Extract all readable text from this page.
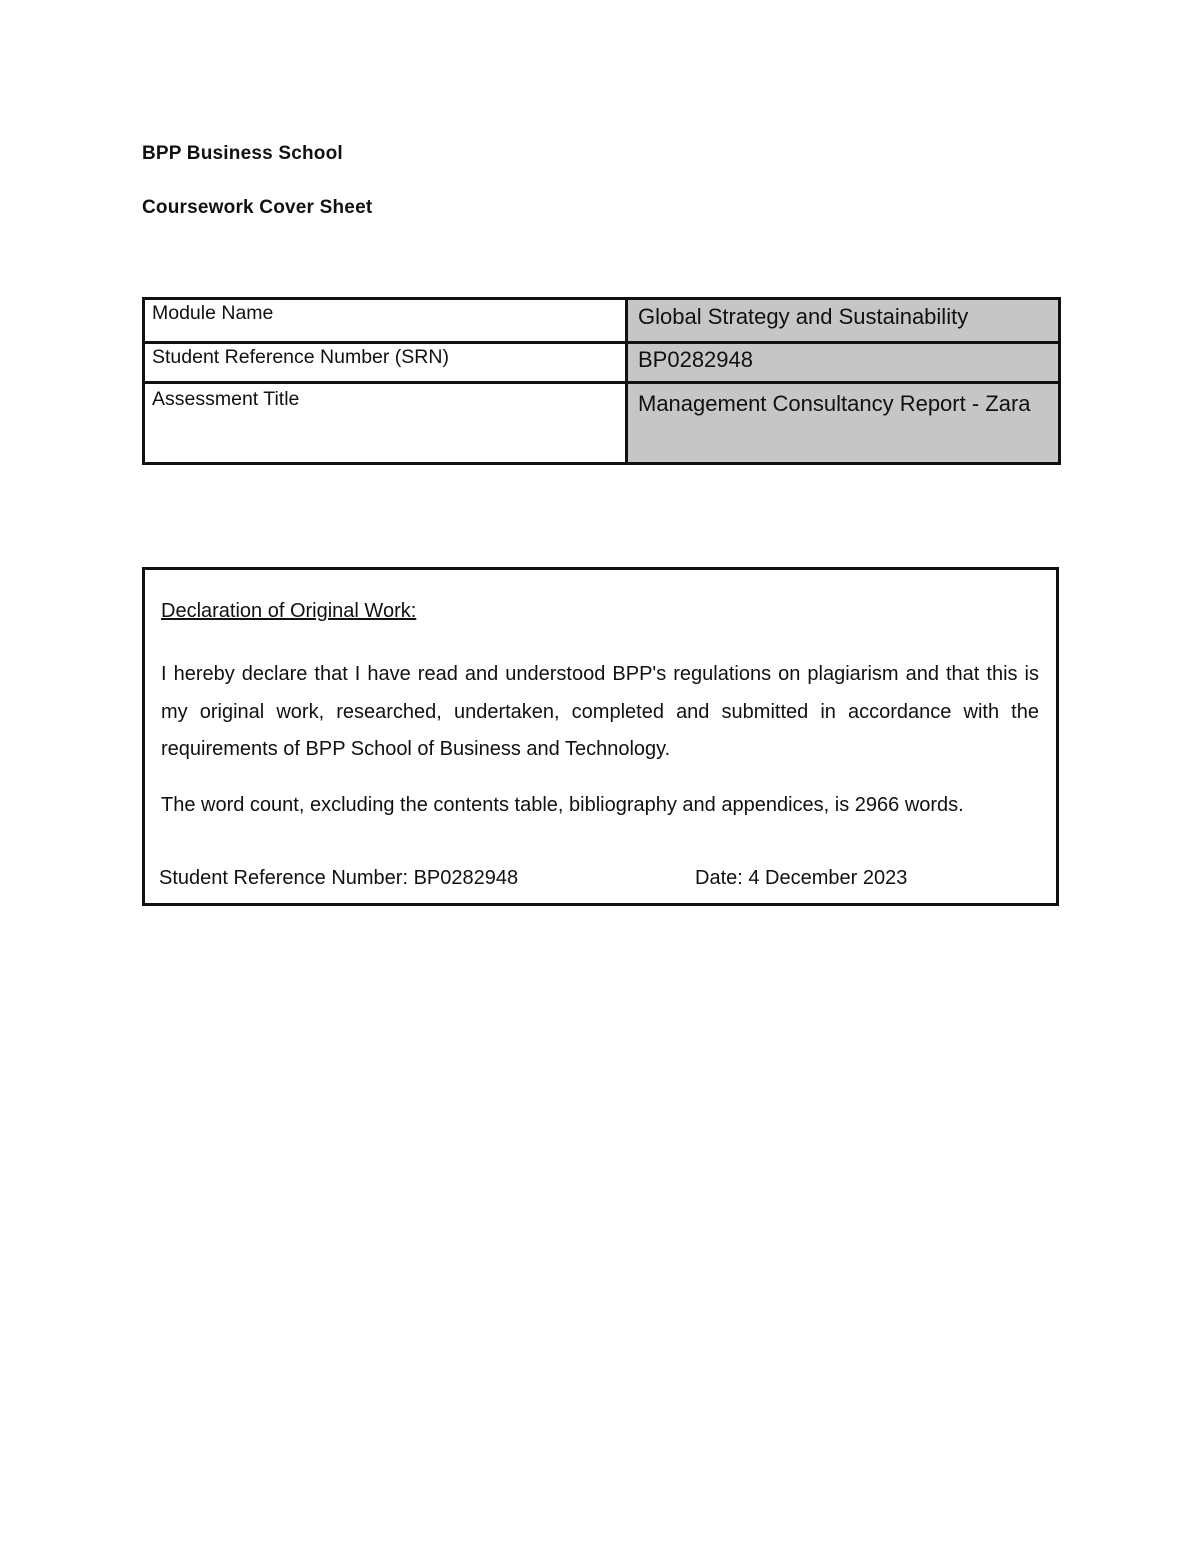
BPP Business School
Coursework Cover Sheet
Module Name	Global Strategy and Sustainability
Student Reference Number (SRN)	BP0282948
Assessment Title	Management Consultancy Report - Zara
Declaration of Original Work:

I hereby declare that I have read and understood BPP's regulations on plagiarism and that this is my original work, researched, undertaken, completed and submitted in accordance with the requirements of BPP School of Business and Technology.

The word count, excluding the contents table, bibliography and appendices, is 2966 words.

Student Reference Number: BP0282948	Date: 4 December 2023
